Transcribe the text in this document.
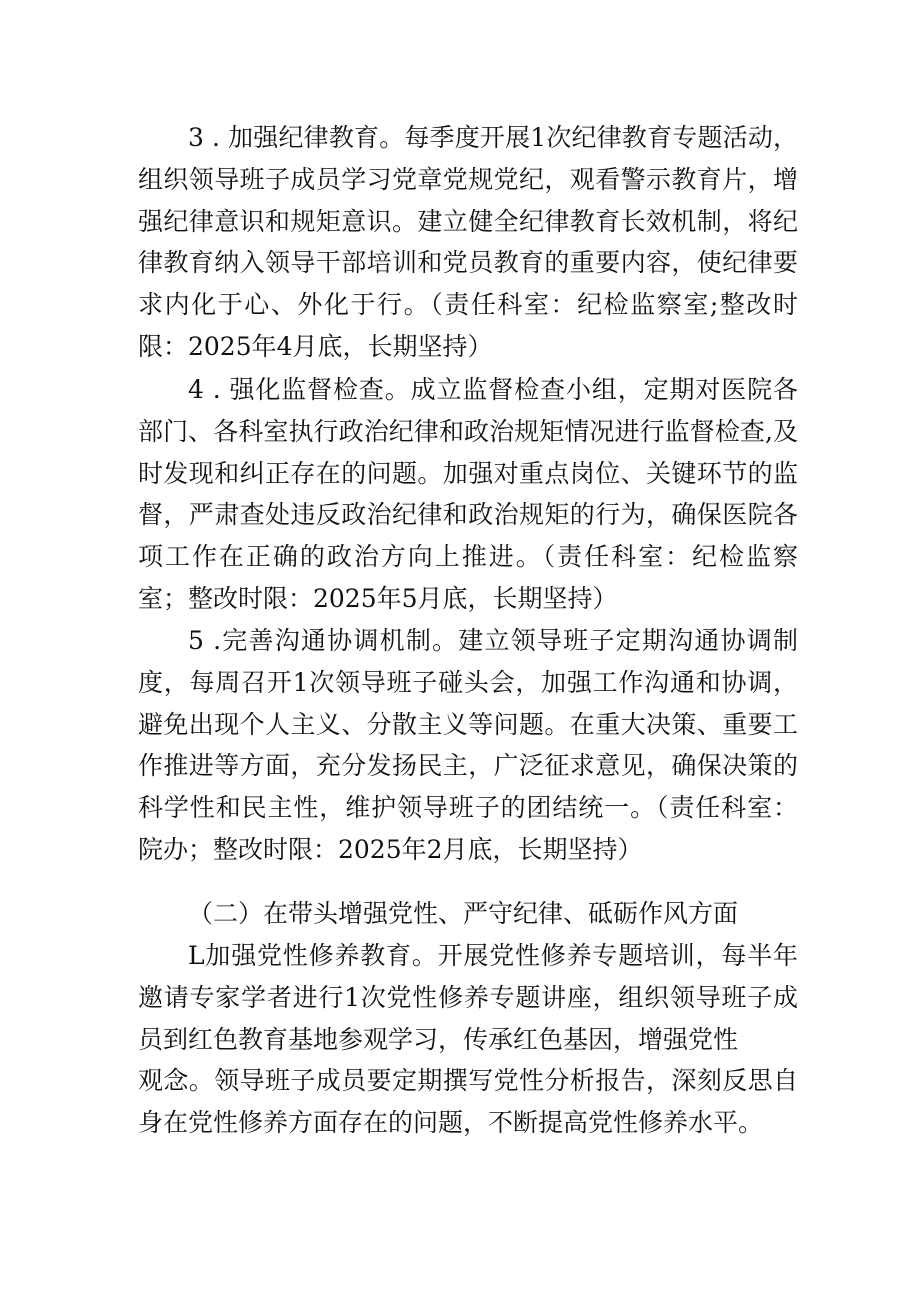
3 . 加强纪律教育。每季度开展1次纪律教育专题活动，组织领导班子成员学习党章党规党纪，观看警示教育片，增强纪律意识和规矩意识。建立健全纪律教育长效机制，将纪律教育纳入领导干部培训和党员教育的重要内容，使纪律要求内化于心、外化于行。（责任科室：纪检监察室;整改时限：2025年4月底，长期坚持）

4 . 强化监督检查。成立监督检查小组，定期对医院各部门、各科室执行政治纪律和政治规矩情况进行监督检查,及时发现和纠正存在的问题。加强对重点岗位、关键环节的监督，严肃查处违反政治纪律和政治规矩的行为，确保医院各项工作在正确的政治方向上推进。（责任科室：纪检监察室；整改时限：2025年5月底，长期坚持）

5 .完善沟通协调机制。建立领导班子定期沟通协调制度，每周召开1次领导班子碰头会，加强工作沟通和协调，避免出现个人主义、分散主义等问题。在重大决策、重要工作推进等方面，充分发扬民主，广泛征求意见，确保决策的科学性和民主性，维护领导班子的团结统一。（责任科室：院办；整改时限：2025年2月底，长期坚持）

（二）在带头增强党性、严守纪律、砥砺作风方面

L加强党性修养教育。开展党性修养专题培训，每半年邀请专家学者进行1次党性修养专题讲座，组织领导班子成员到红色教育基地参观学习，传承红色基因，增强党性
观念。领导班子成员要定期撰写党性分析报告，深刻反思自身在党性修养方面存在的问题，不断提高党性修养水平。
